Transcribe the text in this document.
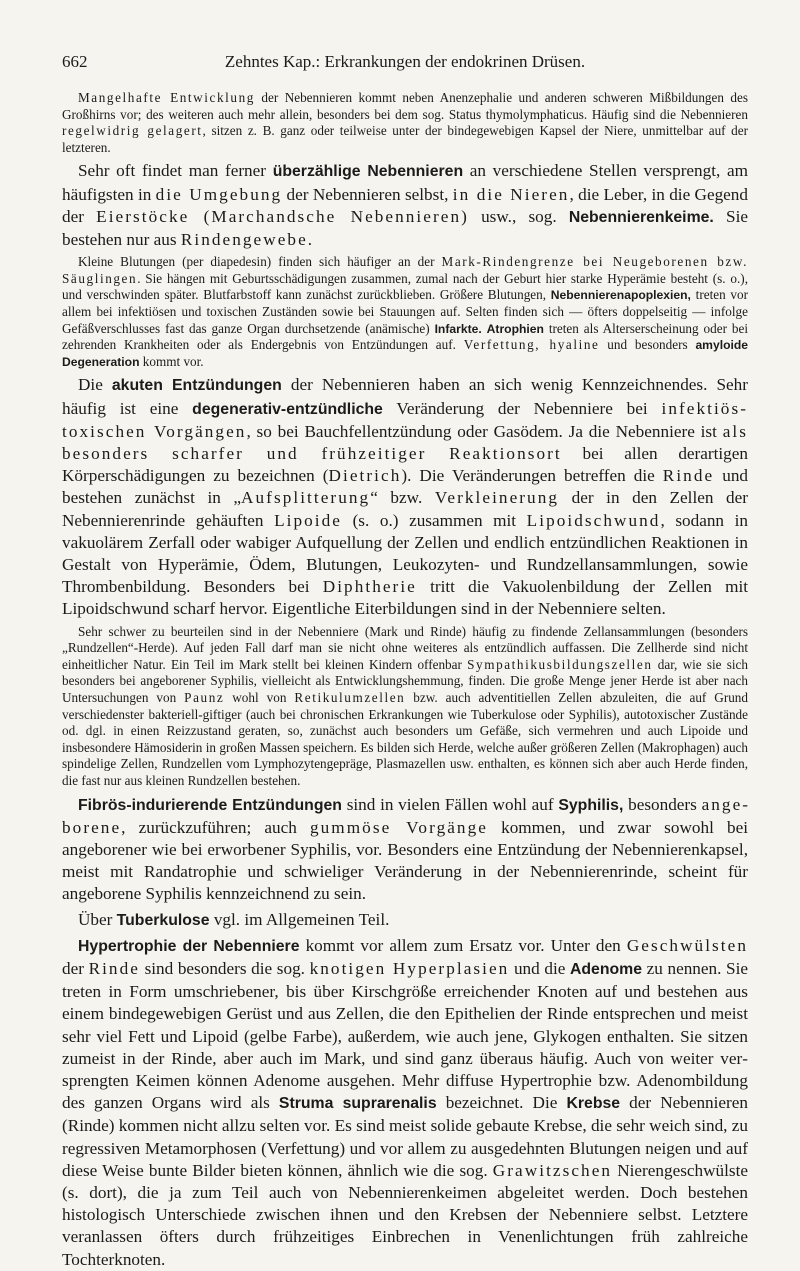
662	Zehntes Kap.: Erkrankungen der endokrinen Drüsen.

Mangelhafte Entwicklung der Nebennieren kommt neben Anenzephalie und anderen schweren Mißbildungen des Großhirns vor; des weiteren auch mehr allein, besonders bei dem sog. Status thymolymphaticus. Häufig sind die Nebennieren regelwidrig gelagert, sitzen z. B. ganz oder teilweise unter der bindegewebigen Kapsel der Niere, unmittelbar auf der letzteren.

Sehr oft findet man ferner überzählige Nebennieren an verschiedene Stellen versprengt, am häufigsten in die Umgebung der Nebennieren selbst, in die Nieren, die Leber, in die Gegend der Eierstöcke (Marchandsche Nebennieren) usw., sog. Nebennierenkeime. Sie bestehen nur aus Rindengewebe.

Kleine Blutungen (per diapedesin) finden sich häufiger an der Mark-Rindengrenze bei Neugeborenen bzw. Säuglingen. Sie hängen mit Geburtsschädigungen zusammen, zumal nach der Geburt hier starke Hyperämie besteht (s. o.), und verschwinden später. Blutfarbstoff kann zunächst zurückblieben. Größere Blutungen, Nebennierenapoplexien, treten vor allem bei infektiösen und toxischen Zuständen sowie bei Stauungen auf. Selten finden sich — öfters doppelseitig — infolge Gefäßverschlusses fast das ganze Organ durchsetzende (anämische) Infarkte. Atrophien treten als Alterserscheinung oder bei zehrenden Krankheiten oder als Endergebnis von Entzündungen auf. Verfettung, hyaline und besonders amyloide Degeneration kommt vor.

Die akuten Entzündungen der Nebennieren haben an sich wenig Kennzeichnendes. Sehr häufig ist eine degenerativ-entzündliche Veränderung der Nebenniere bei infektiös-toxischen Vorgängen, so bei Bauchfellentzündung oder Gasödem. Ja die Nebenniere ist als besonders scharfer und frühzeitiger Reaktionsort bei allen derartigen Körperschädigungen zu bezeichnen (Dietrich). Die Veränderungen betreffen die Rinde und bestehen zunächst in „Aufsplitterung“ bzw. Verkleinerung der in den Zellen der Nebennierenrinde gehäuften Lipoide (s. o.) zusammen mit Lipoidschwund, sodann in vakuolärem Zerfall oder wabiger Aufquellung der Zellen und endlich entzündlichen Reaktionen in Gestalt von Hyperämie, Ödem, Blutungen, Leukozyten- und Rundzellansammlungen, sowie Thrombenbildung. Besonders bei Diphtherie tritt die Vakuolenbildung der Zellen mit Lipoidschwund scharf hervor. Eigentliche Eiterbildungen sind in der Nebenniere selten.

Sehr schwer zu beurteilen sind in der Nebenniere (Mark und Rinde) häufig zu findende Zellansammlungen (besonders „Rundzellen“-Herde). Auf jeden Fall darf man sie nicht ohne weiteres als entzündlich auffassen. Die Zellherde sind nicht einheitlicher Natur. Ein Teil im Mark stellt bei kleinen Kindern offenbar Sympathikusbildungszellen dar, wie sie sich besonders bei angeborener Syphilis, vielleicht als Entwicklungshemmung, finden. Die große Menge jener Herde ist aber nach Untersuchungen von Paunz wohl von Retikulumzellen bzw. auch adventitiellen Zellen abzuleiten, die auf Grund verschiedenster bakteriell-giftiger (auch bei chronischen Erkrankungen wie Tuberkulose oder Syphilis), autotoxischer Zustände od. dgl. in einen Reizzustand geraten, so, zunächst auch besonders um Gefäße, sich vermehren und auch Lipoide und insbesondere Hämosiderin in großen Massen speichern. Es bilden sich Herde, welche außer größeren Zellen (Makrophagen) auch spindelige Zellen, Rundzellen vom Lymphozytengepräge, Plasmazellen usw. enthalten, es können sich aber auch Herde finden, die fast nur aus kleinen Rundzellen bestehen.

Fibrös-indurierende Entzündungen sind in vielen Fällen wohl auf Syphilis, besonders angeborene, zurückzuführen; auch gummöse Vorgänge kommen, und zwar sowohl bei angeborener wie bei erworbener Syphilis, vor. Besonders eine Entzündung der Nebennierenkapsel, meist mit Randatrophie und schwieliger Veränderung in der Nebennierenrinde, scheint für angeborene Syphilis kennzeichnend zu sein.

Über Tuberkulose vgl. im Allgemeinen Teil.

Hypertrophie der Nebenniere kommt vor allem zum Ersatz vor. Unter den Geschwülsten der Rinde sind besonders die sog. knotigen Hyperplasien und die Adenome zu nennen. Sie treten in Form umschriebener, bis über Kirschgröße erreichender Knoten auf und bestehen aus einem bindegewebigen Gerüst und aus Zellen, die den Epithelien der Rinde entsprechen und meist sehr viel Fett und Lipoid (gelbe Farbe), außerdem, wie auch jene, Glykogen enthalten. Sie sitzen zumeist in der Rinde, aber auch im Mark, und sind ganz überaus häufig. Auch von weiter versprengten Keimen können Adenome ausgehen. Mehr diffuse Hypertrophie bzw. Adenombildung des ganzen Organs wird als Struma suprarenalis bezeichnet. Die Krebse der Nebennieren (Rinde) kommen nicht allzu selten vor. Es sind meist solide gebaute Krebse, die sehr weich sind, zu regressiven Metamorphosen (Verfettung) und vor allem zu ausgedehnten Blutungen neigen und auf diese Weise bunte Bilder bieten können, ähnlich wie die sog. Grawitzschen Nierengeschwülste (s. dort), die ja zum Teil auch von Nebennierenkeimen abgeleitet werden. Doch bestehen histologisch Unterschiede zwischen ihnen und den Krebsen der Nebenniere selbst. Letztere veranlassen öfters durch frühzeitiges Einbrechen in Venenlichtungen früh zahlreiche Tochterknoten.
